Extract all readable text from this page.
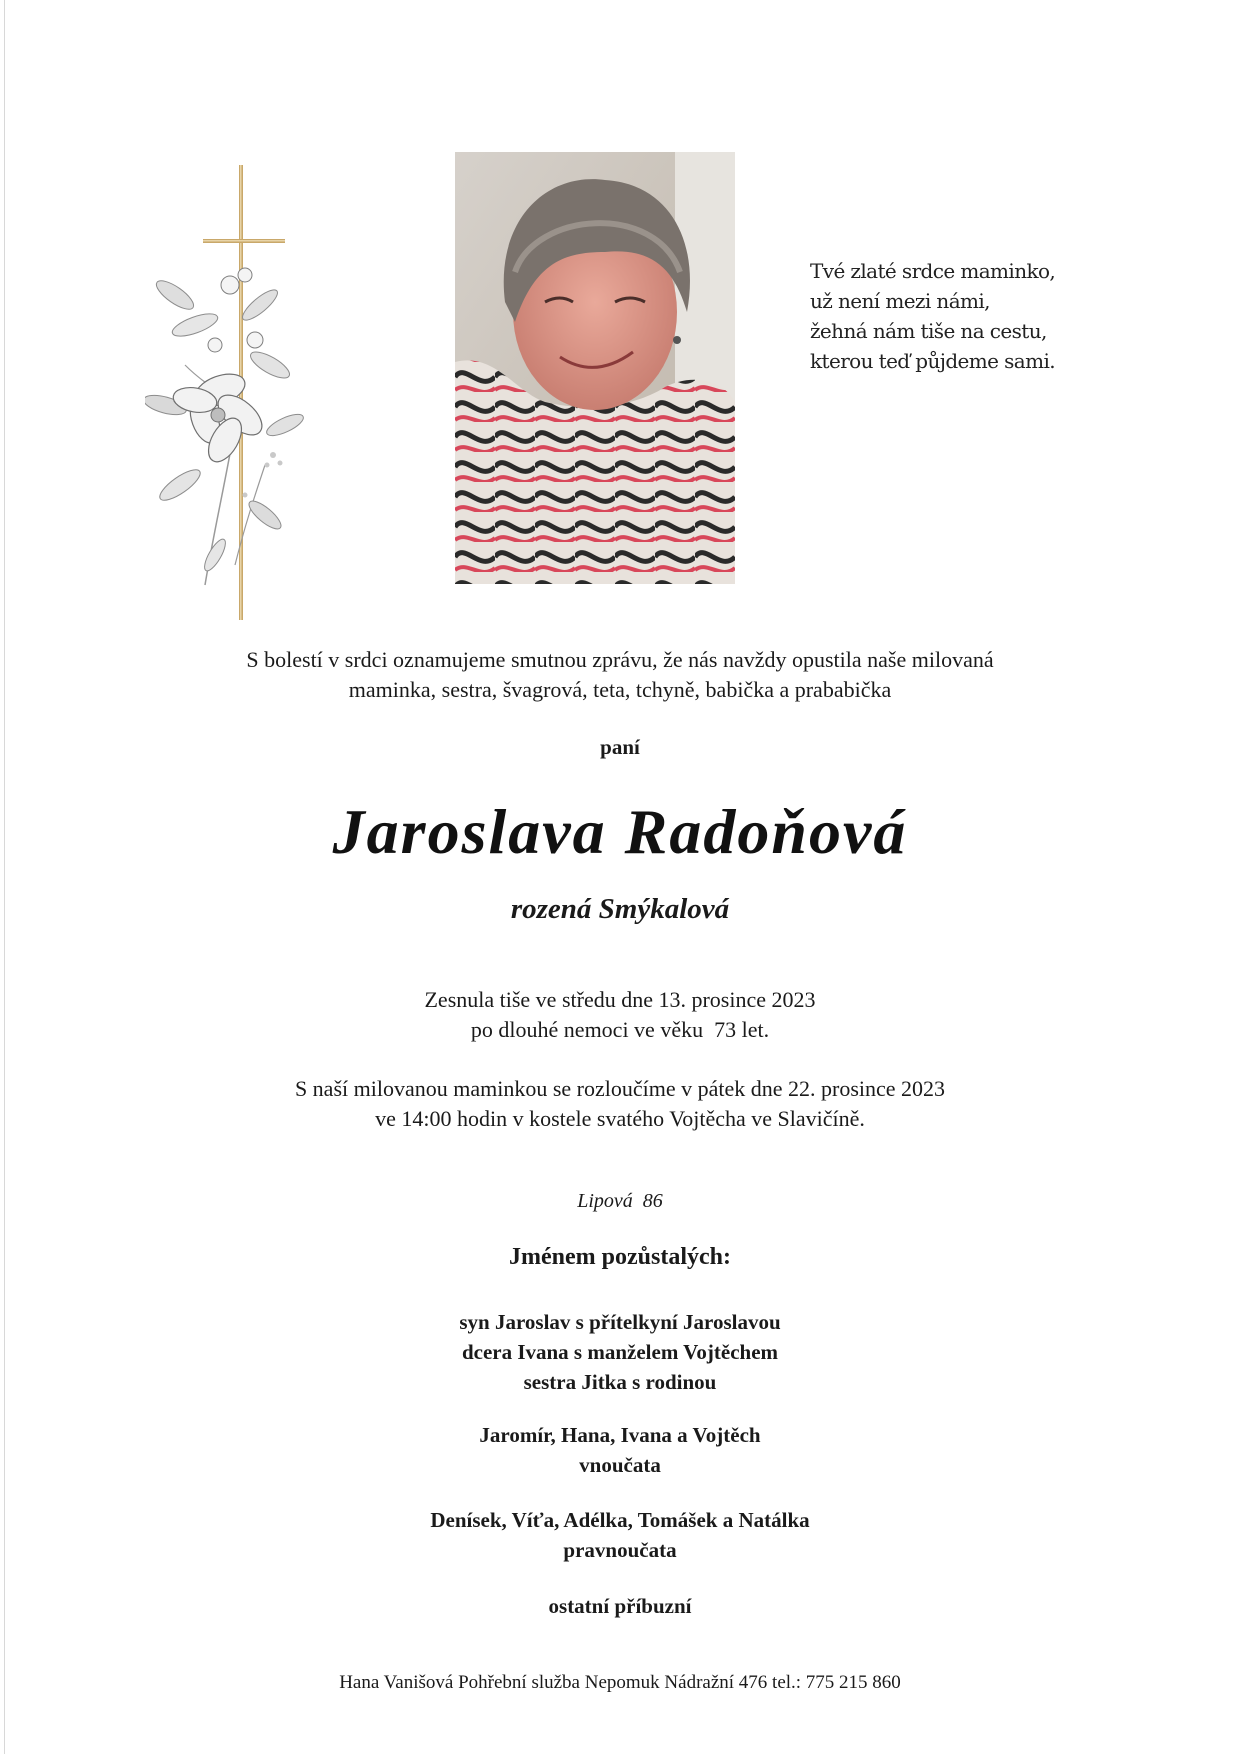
Tvé zlaté srdce maminko,
už není mezi námi,
žehná nám tiše na cestu,
kterou teď půjdeme sami.
S bolestí v srdci oznamujeme smutnou zprávu, že nás navždy opustila naše milovaná
maminka, sestra, švagrová, teta, tchyně, babička a prababička
paní
Jaroslava Radoňová
rozená Smýkalová
Zesnula tiše ve středu dne 13. prosince 2023
po dlouhé nemoci ve věku  73 let.
S naší milovanou maminkou se rozloučíme v pátek dne 22. prosince 2023
ve 14:00 hodin v kostele svatého Vojtěcha ve Slavičíně.
Lipová  86
Jménem pozůstalých:
syn Jaroslav s přítelkyní Jaroslavou
dcera Ivana s manželem Vojtěchem
sestra Jitka s rodinou
Jaromír, Hana, Ivana a Vojtěch
vnoučata
Denísek, Víťa, Adélka, Tomášek a Natálka
pravnoučata
ostatní příbuzní
Hana Vanišová Pohřební služba Nepomuk Nádražní 476 tel.: 775 215 860
